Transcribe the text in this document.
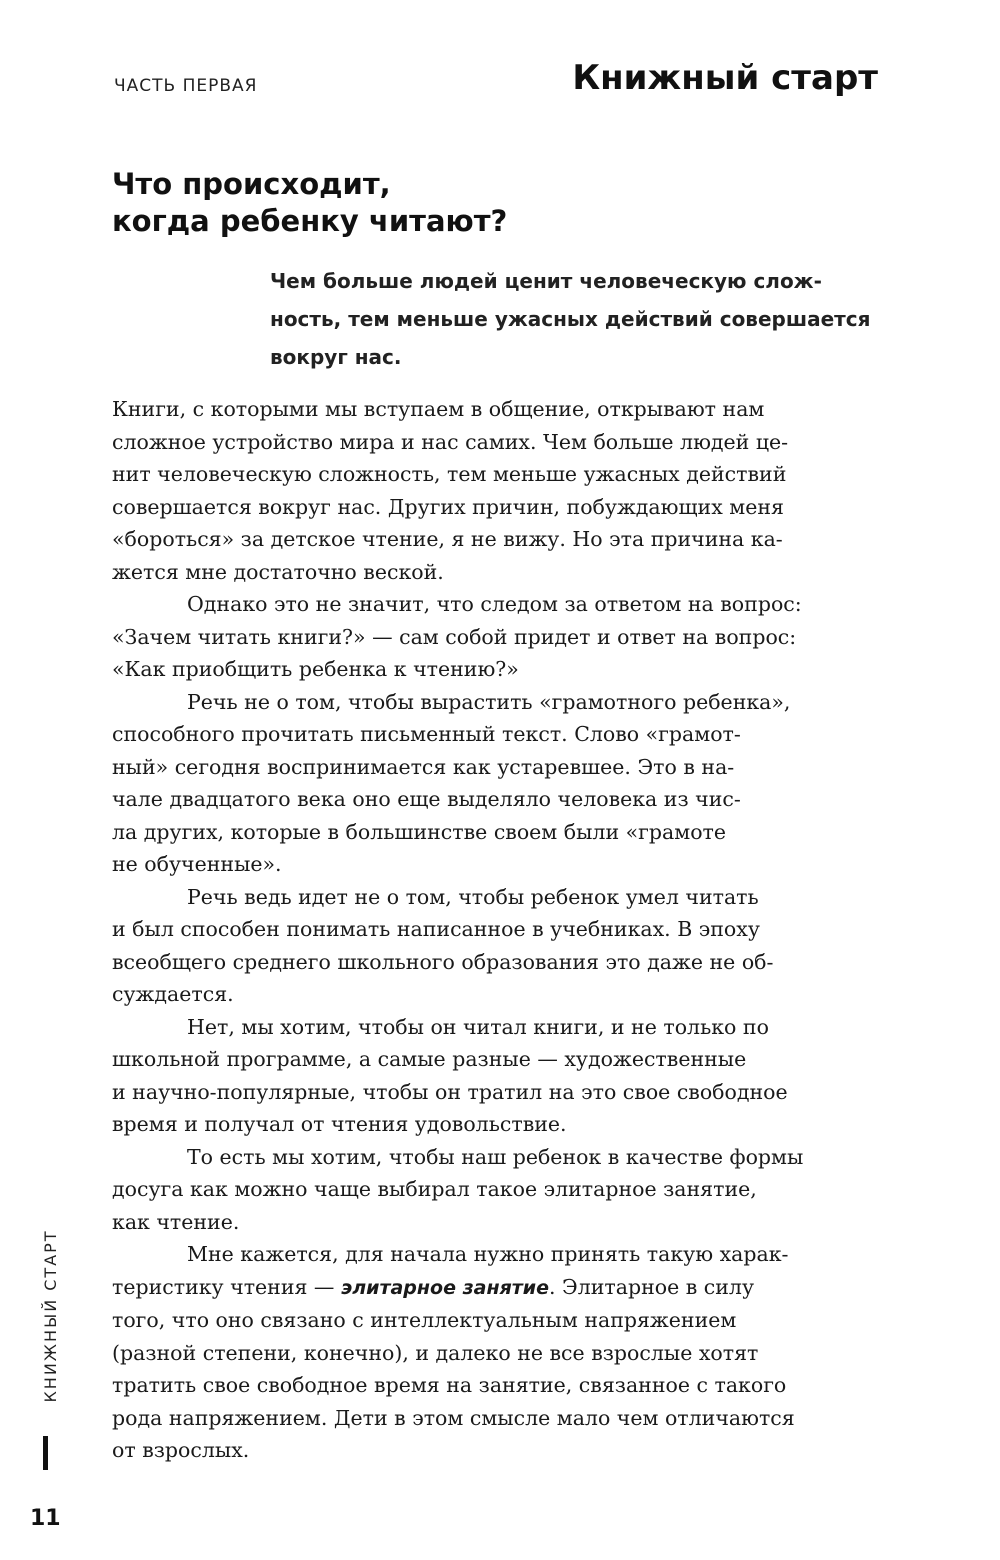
ЧАСТЬ ПЕРВАЯ	Книжный старт
Что происходит,
когда ребенку читают?
Чем больше людей ценит человеческую слож-
ность, тем меньше ужасных действий совершается
вокруг нас.
Книги, с которыми мы вступаем в общение, открывают нам
сложное устройство мира и нас самих. Чем больше людей це-
нит человеческую сложность, тем меньше ужасных действий
совершается вокруг нас. Других причин, побуждающих меня
«бороться» за детское чтение, я не вижу. Но эта причина ка-
жется мне достаточно веской.
Однако это не значит, что следом за ответом на вопрос:
«Зачем читать книги?» — сам собой придет и ответ на вопрос:
«Как приобщить ребенка к чтению?»
Речь не о том, чтобы вырастить «грамотного ребенка»,
способного прочитать письменный текст. Слово «грамот-
ный» сегодня воспринимается как устаревшее. Это в на-
чале двадцатого века оно еще выделяло человека из чис-
ла других, которые в большинстве своем были «грамоте
не обученные».
Речь ведь идет не о том, чтобы ребенок умел читать
и был способен понимать написанное в учебниках. В эпоху
всеобщего среднего школьного образования это даже не об-
суждается.
Нет, мы хотим, чтобы он читал книги, и не только по
школьной программе, а самые разные — художественные
и научно-популярные, чтобы он тратил на это свое свободное
время и получал от чтения удовольствие.
То есть мы хотим, чтобы наш ребенок в качестве формы
досуга как можно чаще выбирал такое элитарное занятие,
как чтение.
Мне кажется, для начала нужно принять такую харак-
теристику чтения — элитарное занятие. Элитарное в силу
того, что оно связано с интеллектуальным напряжением
(разной степени, конечно), и далеко не все взрослые хотят
тратить свое свободное время на занятие, связанное с такого
рода напряжением. Дети в этом смысле мало чем отличаются
от взрослых.
КНИЖНЫЙ СТАРТ
11
